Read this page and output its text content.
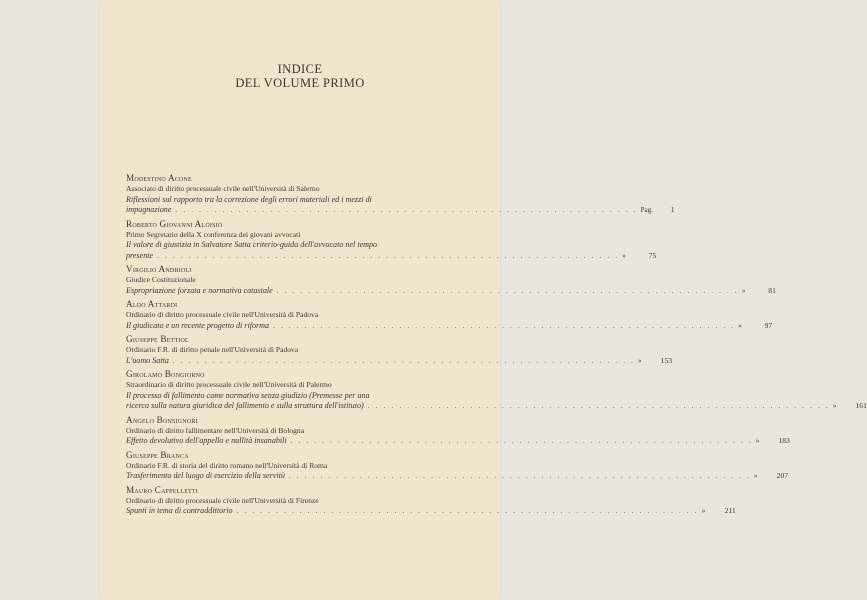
INDICE
DEL VOLUME PRIMO
Modestino Acone
Associato di diritto processuale civile nell'Università di Salerno
Riflessioni sul rapporto tra la correzione degli errori materiali ed i mezzi di
impugnazione . . . . . . . . . . . . . . . . . . . . . . . . . . . . . . . . . . . . . . . . . . . . . . . . . . . . . . . . . . . Pag.	1
Roberto Giovanni Aloisio
Primo Segretario della X conferenza dei giovani avvocati
Il valore di giustizia in Salvatore Satta criterio-guida dell'avvocato nel tempo
presente . . . . . . . . . . . . . . . . . . . . . . . . . . . . . . . . . . . . . . . . . . . . . . . . . . . . . . . . . . . »	75
Virgilio Andrioli
Giudice Costituzionale
Espropriazione forzata e normativa catastale . . . . . . . . . . . . . . . . . . . . . . . . . . . . . . . . . . . . . . . . . . . . . . . . . . . . . . . . . . . »	81
Aldo Attardi
Ordinario di diritto processuale civile nell'Università di Padova
Il giudicato e un recente progetto di riforma . . . . . . . . . . . . . . . . . . . . . . . . . . . . . . . . . . . . . . . . . . . . . . . . . . . . . . . . . . . »	97
Giuseppe Bettiol
Ordinario F.R. di diritto penale nell'Università di Padova
L'uomo Satta . . . . . . . . . . . . . . . . . . . . . . . . . . . . . . . . . . . . . . . . . . . . . . . . . . . . . . . . . . . »	153
Girolamo Bongiorno
Straordinario di diritto processuale civile nell'Università di Palermo
Il processo di fallimento come normativa senza giudizio (Premesse per una
ricerca sulla natura giuridica del fallimento e sulla struttura dell'istituto) . . . . . . . . . . . . . . . . . . . . . . . . . . . . . . . . . . . . . . . . . . . . . . . . . . . . . . . . . . . »	161
Angelo Bonsignori
Ordinario di diritto fallimentare nell'Università di Bologna
Effetto devolutivo dell'appello e nullità insanabili . . . . . . . . . . . . . . . . . . . . . . . . . . . . . . . . . . . . . . . . . . . . . . . . . . . . . . . . . . . »	183
Giuseppe Branca
Ordinario F.R. di storia del diritto romano nell'Università di Roma
Trasferimento del luogo di esercizio della servitù . . . . . . . . . . . . . . . . . . . . . . . . . . . . . . . . . . . . . . . . . . . . . . . . . . . . . . . . . . . »	207
Mauro Cappelletti
Ordinario di diritto processuale civile nell'Università di Firenze
Spunti in tema di contraddittorio . . . . . . . . . . . . . . . . . . . . . . . . . . . . . . . . . . . . . . . . . . . . . . . . . . . . . . . . . . . »	211
